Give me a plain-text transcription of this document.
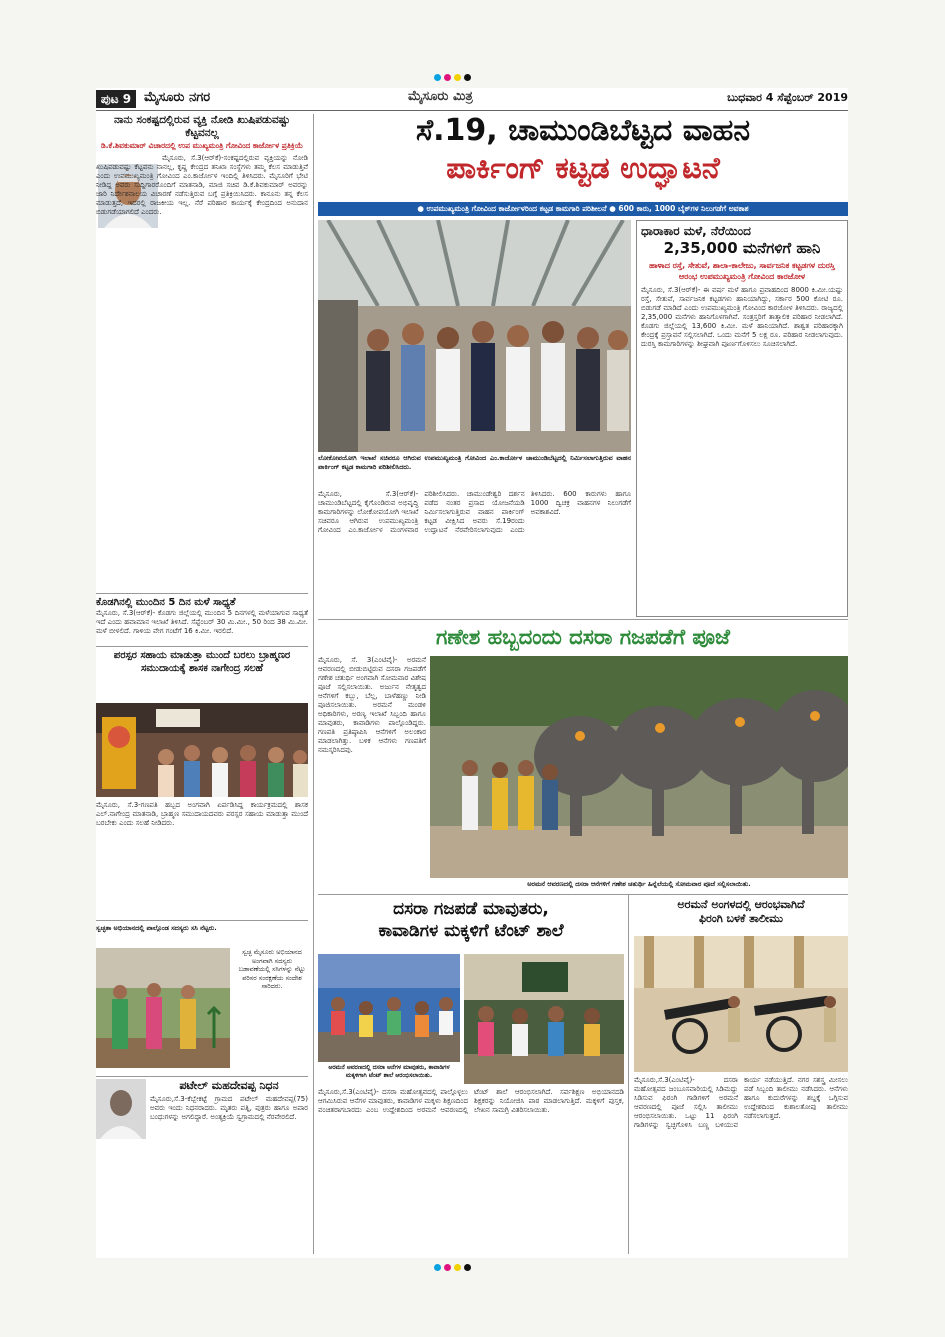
ಪುಟ 9 ಮೈಸೂರು ನಗರ	ಮೈಸೂರು ಮಿತ್ರ	ಬುಧವಾರ 4 ಸೆಪ್ಟೆಂಬರ್ 2019

ನಾನು ಸಂಕಷ್ಟದಲ್ಲಿರುವ ವ್ಯಕ್ತಿ ನೋಡಿ ಖುಷಿಪಡುವಷ್ಟು ಕೆಟ್ಟವನಲ್ಲ

ಡಿ.ಕೆ.ಶಿವಕುಮಾರ್ ವಿಚಾರದಲ್ಲಿ ಉಪ ಮುಖ್ಯಮಂತ್ರಿ ಗೋವಿಂದ ಕಾರ್ಜೋಳ ಪ್ರತಿಕ್ರಿಯೆ

ಮೈಸೂರು, ಸೆ.3(ಆರ್‌ಕೆ)-ಸಂಕಷ್ಟದಲ್ಲಿರುವ ವ್ಯಕ್ತಿಯನ್ನು ನೋಡಿ ಖುಷಿಪಡುವಷ್ಟು ಕೆಟ್ಟವನು ನಾನಲ್ಲ, ಕೃಷ್ಣ ಕೇಂದ್ರದ ತನಿಖಾ ಸಂಸ್ಥೆಗಳು ತಮ್ಮ ಕೆಲಸ ಮಾಡುತ್ತಿವೆ ಎಂದು ಉಪಮುಖ್ಯಮಂತ್ರಿ ಗೋವಿಂದ ಎಂ.ಕಾರ್ಜೋಳ ಇಂದಿಲ್ಲಿ ತಿಳಿಸಿದರು. ಮೈಸೂರಿಗೆ ಭೇಟಿ ನೀಡಿದ್ದ ಅವರು ಸುದ್ದಿಗಾರರೊಂದಿಗೆ ಮಾತನಾಡಿ, ಮಾಜಿ ಸಚಿವ ಡಿ.ಕೆ.ಶಿವಕುಮಾರ್ ಅವರನ್ನು ಜಾರಿ ನಿರ್ದೇಶನಾಲಯ ವಿಚಾರಣೆ ನಡೆಸುತ್ತಿರುವ ಬಗ್ಗೆ ಪ್ರತಿಕ್ರಿಯಿಸಿದರು. ಕಾನೂನು ತನ್ನ ಕೆಲಸ ಮಾಡುತ್ತದೆ, ಇದರಲ್ಲಿ ರಾಜಕೀಯ ಇಲ್ಲ. ನೆರೆ ಪರಿಹಾರ ಕಾರ್ಯಕ್ಕೆ ಕೇಂದ್ರದಿಂದ ಅನುದಾನ ಬಿಡುಗಡೆಯಾಗಲಿದೆ ಎಂದರು.

ಕೊಡಗಿನಲ್ಲಿ ಮುಂದಿನ 5 ದಿನ ಮಳೆ ಸಾಧ್ಯತೆ

ಮೈಸೂರು, ಸೆ.3(ಆರ್‌ಕೆ)- ಕೊಡಗು ಜಿಲ್ಲೆಯಲ್ಲಿ ಮುಂದಿನ 5 ದಿನಗಳಲ್ಲಿ ಮಳೆಯಾಗುವ ಸಾಧ್ಯತೆ ಇದೆ ಎಂದು ಹವಾಮಾನ ಇಲಾಖೆ ತಿಳಿಸಿದೆ. ಸೆಪ್ಟೆಂಬರ್ 30 ಮಿ.ಮೀ., 50 ರಿಂದ 38 ಮಿ.ಮೀ. ಮಳೆ ಬೀಳಲಿದೆ. ಗಾಳಿಯ ವೇಗ ಗಂಟೆಗೆ 16 ಕಿ.ಮೀ. ಇರಲಿದೆ.

ಪರಸ್ಪರ ಸಹಾಯ ಮಾಡುತ್ತಾ ಮುಂದೆ ಬರಲು ಬ್ರಾಹ್ಮಣರ ಸಮುದಾಯಕ್ಕೆ ಶಾಸಕ ನಾಗೇಂದ್ರ ಸಲಹೆ

ಮೈಸೂರು, ಸೆ.3-ಗಣಪತಿ ಹಬ್ಬದ ಅಂಗವಾಗಿ ಏರ್ಪಡಿಸಿದ್ದ ಕಾರ್ಯಕ್ರಮದಲ್ಲಿ ಶಾಸಕ ಎಲ್.ನಾಗೇಂದ್ರ ಮಾತನಾಡಿ, ಬ್ರಾಹ್ಮಣ ಸಮುದಾಯದವರು ಪರಸ್ಪರ ಸಹಾಯ ಮಾಡುತ್ತಾ ಮುಂದೆ ಬರಬೇಕು ಎಂದು ಸಲಹೆ ನೀಡಿದರು.

ಸ್ವಚ್ಛತಾ ಅಭಿಯಾನದಲ್ಲಿ ಪಾಲ್ಗೊಂಡ ಸದಸ್ಯರು ಸಸಿ ನೆಟ್ಟರು.

ಸ್ವಚ್ಛ ಮೈಸೂರು ಅಭಿಯಾನದ ಅಂಗವಾಗಿ ಸದಸ್ಯರು ಬಡಾವಣೆಯಲ್ಲಿ ಸಸಿಗಳನ್ನು ನೆಟ್ಟು ಪರಿಸರ ಸಂರಕ್ಷಣೆಯ ಸಂದೇಶ ಸಾರಿದರು.

ಪಟೇಲ್ ಮಹದೇವಪ್ಪ ನಿಧನ

ಮೈಸೂರು,ಸೆ.3-ಕೆಬ್ಬೇಕಟ್ಟೆ ಗ್ರಾಮದ ಪಟೇಲ್ ಮಹದೇವಪ್ಪ(75) ಅವರು ಇಂದು ನಿಧನರಾದರು. ಮೃತರು ಪತ್ನಿ, ಪುತ್ರರು ಹಾಗೂ ಅಪಾರ ಬಂಧುಗಳನ್ನು ಅಗಲಿದ್ದಾರೆ. ಅಂತ್ಯಕ್ರಿಯೆ ಸ್ವಗ್ರಾಮದಲ್ಲಿ ನೆರವೇರಲಿದೆ.

ಸೆ.19, ಚಾಮುಂಡಿಬೆಟ್ಟದ ವಾಹನ

ಪಾರ್ಕಿಂಗ್ ಕಟ್ಟಡ ಉದ್ಘಾಟನೆ

● ಉಪಮುಖ್ಯಮಂತ್ರಿ ಗೋವಿಂದ ಕಾರ್ಜೋಳರಿಂದ ಕಟ್ಟಡ ಕಾಮಗಾರಿ ಪರಿಶೀಲನೆ ● 600 ಕಾರು, 1000 ಬೈಕ್‌ಗಳ ನಿಲುಗಡೆಗೆ ಅವಕಾಶ

ಲೋಕೋಪಯೋಗಿ ಇಲಾಖೆ ಸಚಿವರೂ ಆಗಿರುವ ಉಪಮುಖ್ಯಮಂತ್ರಿ ಗೋವಿಂದ ಎಂ.ಕಾರ್ಜೋಳ ಚಾಮುಂಡಿಬೆಟ್ಟದಲ್ಲಿ ನಿರ್ಮಿಸಲಾಗುತ್ತಿರುವ ವಾಹನ ಪಾರ್ಕಿಂಗ್ ಕಟ್ಟಡ ಕಾಮಗಾರಿ ಪರಿಶೀಲಿಸಿದರು.

ಮೈಸೂರು, ಸೆ.3(ಆರ್‌ಕೆ)- ಚಾಮುಂಡಿಬೆಟ್ಟದಲ್ಲಿ ಕೈಗೊಂಡಿರುವ ಅಭಿವೃದ್ಧಿ ಕಾಮಗಾರಿಗಳನ್ನು ಲೋಕೋಪಯೋಗಿ ಇಲಾಖೆ ಸಚಿವರೂ ಆಗಿರುವ ಉಪಮುಖ್ಯಮಂತ್ರಿ ಗೋವಿಂದ ಎಂ.ಕಾರ್ಜೋಳ ಮಂಗಳವಾರ ಪರಿಶೀಲಿಸಿದರು. ಚಾಮುಂಡೇಶ್ವರಿ ದರ್ಶನ ಪಡೆದ ನಂತರ ಪ್ರಸಾದ ಯೋಜನೆಯಡಿ ನಿರ್ಮಿಸಲಾಗುತ್ತಿರುವ ವಾಹನ ಪಾರ್ಕಿಂಗ್ ಕಟ್ಟಡ ವೀಕ್ಷಿಸಿದ ಅವರು ಸೆ.19ರಂದು ಉದ್ಘಾಟನೆ ನೆರವೇರಿಸಲಾಗುವುದು ಎಂದು ತಿಳಿಸಿದರು. 600 ಕಾರುಗಳು ಹಾಗೂ 1000 ದ್ವಿಚಕ್ರ ವಾಹನಗಳ ನಿಲುಗಡೆಗೆ ಅವಕಾಶವಿದೆ.

ಧಾರಾಕಾರ ಮಳೆ, ನೆರೆಯಿಂದ

2,35,000 ಮನೆಗಳಿಗೆ ಹಾನಿ

ಹಾಳಾದ ರಸ್ತೆ, ಸೇತುವೆ, ಶಾಲಾ-ಕಾಲೇಜು, ಸಾರ್ವಜನಿಕ ಕಟ್ಟಡಗಳ ದುರಸ್ತಿ ಆರಂಭ ಉಪಮುಖ್ಯಮಂತ್ರಿ ಗೋವಿಂದ ಕಾರಜೋಳ

ಮೈಸೂರು, ಸೆ.3(ಆರ್‌ಕೆ)- ಈ ವರ್ಷ ಮಳೆ ಹಾಗೂ ಪ್ರವಾಹದಿಂದ 8000 ಕಿ.ಮೀ.ಯಷ್ಟು ರಸ್ತೆ, ಸೇತುವೆ, ಸಾರ್ವಜನಿಕ ಕಟ್ಟಡಗಳು ಹಾನಿಯಾಗಿದ್ದು, ಸರ್ಕಾರ 500 ಕೋಟಿ ರೂ. ಬಿಡುಗಡೆ ಮಾಡಿದೆ ಎಂದು ಉಪಮುಖ್ಯಮಂತ್ರಿ ಗೋವಿಂದ ಕಾರಜೋಳ ತಿಳಿಸಿದರು. ರಾಜ್ಯದಲ್ಲಿ 2,35,000 ಮನೆಗಳು ಹಾನಿಗೊಳಗಾಗಿವೆ. ಸಂತ್ರಸ್ತರಿಗೆ ತಾತ್ಕಾಲಿಕ ಪರಿಹಾರ ನೀಡಲಾಗಿದೆ. ಕೊಡಗು ಜಿಲ್ಲೆಯಲ್ಲಿ 13,600 ಕಿ.ಮೀ. ಮಳೆ ಹಾನಿಯಾಗಿದೆ. ಶಾಶ್ವತ ಪರಿಹಾರಕ್ಕಾಗಿ ಕೇಂದ್ರಕ್ಕೆ ಪ್ರಸ್ತಾವನೆ ಸಲ್ಲಿಸಲಾಗಿದೆ. ಒಂದು ಮನೆಗೆ 5 ಲಕ್ಷ ರೂ. ಪರಿಹಾರ ನೀಡಲಾಗುವುದು. ದುರಸ್ತಿ ಕಾಮಗಾರಿಗಳನ್ನು ಶೀಘ್ರವಾಗಿ ಪೂರ್ಣಗೊಳಿಸಲು ಸೂಚಿಸಲಾಗಿದೆ.

ಗಣೇಶ ಹಬ್ಬದಂದು ದಸರಾ ಗಜಪಡೆಗೆ ಪೂಜೆ

ಮೈಸೂರು, ಸೆ. 3(ಎಂಟಿವೈ)- ಅರಮನೆ ಆವರಣದಲ್ಲಿ ಬೀಡುಬಿಟ್ಟಿರುವ ದಸರಾ ಗಜಪಡೆಗೆ ಗಣೇಶ ಚತುರ್ಥಿ ಅಂಗವಾಗಿ ಸೋಮವಾರ ವಿಶೇಷ ಪೂಜೆ ಸಲ್ಲಿಸಲಾಯಿತು. ಅರ್ಜುನ ನೇತೃತ್ವದ ಆನೆಗಳಿಗೆ ಕಬ್ಬು, ಬೆಲ್ಲ, ಬಾಳೆಹಣ್ಣು ನೀಡಿ ಪೂಜಿಸಲಾಯಿತು. ಅರಮನೆ ಮಂಡಳಿ ಅಧಿಕಾರಿಗಳು, ಅರಣ್ಯ ಇಲಾಖೆ ಸಿಬ್ಬಂದಿ ಹಾಗೂ ಮಾವುತರು, ಕಾವಾಡಿಗಳು ಪಾಲ್ಗೊಂಡಿದ್ದರು. ಗಣಪತಿ ಪ್ರತಿಷ್ಠಾಪಿಸಿ ಆನೆಗಳಿಗೆ ಅಲಂಕಾರ ಮಾಡಲಾಗಿತ್ತು. ಬಳಿಕ ಆನೆಗಳು ಗಣಪತಿಗೆ ನಮಸ್ಕರಿಸಿದವು.

ಅರಮನೆ ಆವರಣದಲ್ಲಿ ದಸರಾ ಆನೆಗಳಿಗೆ ಗಣೇಶ ಚತುರ್ಥಿ ಹಿನ್ನೆಲೆಯಲ್ಲಿ ಸೋಮವಾರ ಪೂಜೆ ಸಲ್ಲಿಸಲಾಯಿತು.

ದಸರಾ ಗಜಪಡೆ ಮಾವುತರು,

ಕಾವಾಡಿಗಳ ಮಕ್ಕಳಿಗೆ ಟೆಂಟ್ ಶಾಲೆ

ಅರಮನೆ ಆವರಣದಲ್ಲಿ ದಸರಾ ಆನೆಗಳ ಮಾವುತರು, ಕಾವಾಡಿಗಳ ಮಕ್ಕಳಿಗಾಗಿ ಟೆಂಟ್ ಶಾಲೆ ಆರಂಭಿಸಲಾಯಿತು.

ಮೈಸೂರು,ಸೆ.3(ಎಂಟಿವೈ)- ದಸರಾ ಮಹೋತ್ಸವದಲ್ಲಿ ಪಾಲ್ಗೊಳ್ಳಲು ಆಗಮಿಸಿರುವ ಆನೆಗಳ ಮಾವುತರು, ಕಾವಾಡಿಗಳ ಮಕ್ಕಳು ಶಿಕ್ಷಣದಿಂದ ವಂಚಿತರಾಗಬಾರದು ಎಂಬ ಉದ್ದೇಶದಿಂದ ಅರಮನೆ ಆವರಣದಲ್ಲಿ ಟೆಂಟ್ ಶಾಲೆ ಆರಂಭಿಸಲಾಗಿದೆ. ಸರ್ವಶಿಕ್ಷಣ ಅಭಿಯಾನದಡಿ ಶಿಕ್ಷಕರನ್ನು ನಿಯೋಜಿಸಿ ಪಾಠ ಮಾಡಲಾಗುತ್ತಿದೆ. ಮಕ್ಕಳಿಗೆ ಪುಸ್ತಕ, ಲೇಖನ ಸಾಮಗ್ರಿ ವಿತರಿಸಲಾಯಿತು.

ಅರಮನೆ ಅಂಗಳದಲ್ಲಿ ಆರಂಭವಾಗಿದೆ

ಫಿರಂಗಿ ಬಳಕೆ ತಾಲೀಮು

ಮೈಸೂರು,ಸೆ.3(ಎಂಟಿವೈ)- ದಸರಾ ಮಹೋತ್ಸವದ ಜಂಬೂಸವಾರಿಯಲ್ಲಿ ಸಿಡಿಮದ್ದು ಸಿಡಿಸುವ ಫಿರಂಗಿ ಗಾಡಿಗಳಿಗೆ ಅರಮನೆ ಆವರಣದಲ್ಲಿ ಪೂಜೆ ಸಲ್ಲಿಸಿ ತಾಲೀಮು ಆರಂಭಿಸಲಾಯಿತು. ಒಟ್ಟು 11 ಫಿರಂಗಿ ಗಾಡಿಗಳನ್ನು ಸ್ವಚ್ಛಗೊಳಿಸಿ ಬಣ್ಣ ಬಳಿಯುವ ಕಾರ್ಯ ನಡೆಯುತ್ತಿದೆ. ನಗರ ಸಶಸ್ತ್ರ ಮೀಸಲು ಪಡೆ ಸಿಬ್ಬಂದಿ ತಾಲೀಮು ನಡೆಸಿದರು. ಆನೆಗಳು ಹಾಗೂ ಕುದುರೆಗಳನ್ನು ಶಬ್ದಕ್ಕೆ ಒಗ್ಗಿಸುವ ಉದ್ದೇಶದಿಂದ ಕುಶಾಲತೋಪು ತಾಲೀಮು ನಡೆಸಲಾಗುತ್ತದೆ.
